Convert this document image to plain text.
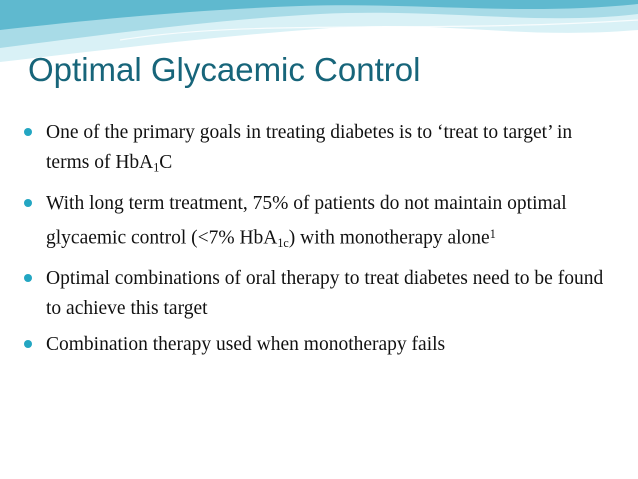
Optimal Glycaemic Control
One of the primary goals in treating diabetes is to ‘treat to target’ in terms of HbA$_1$C
With long term treatment, 75% of patients do not maintain optimal glycaemic control (<7% HbA$_{1c}$) with monotherapy alone$^1$
Optimal combinations of oral therapy to treat diabetes need to be found to achieve this target
Combination therapy used when monotherapy fails
